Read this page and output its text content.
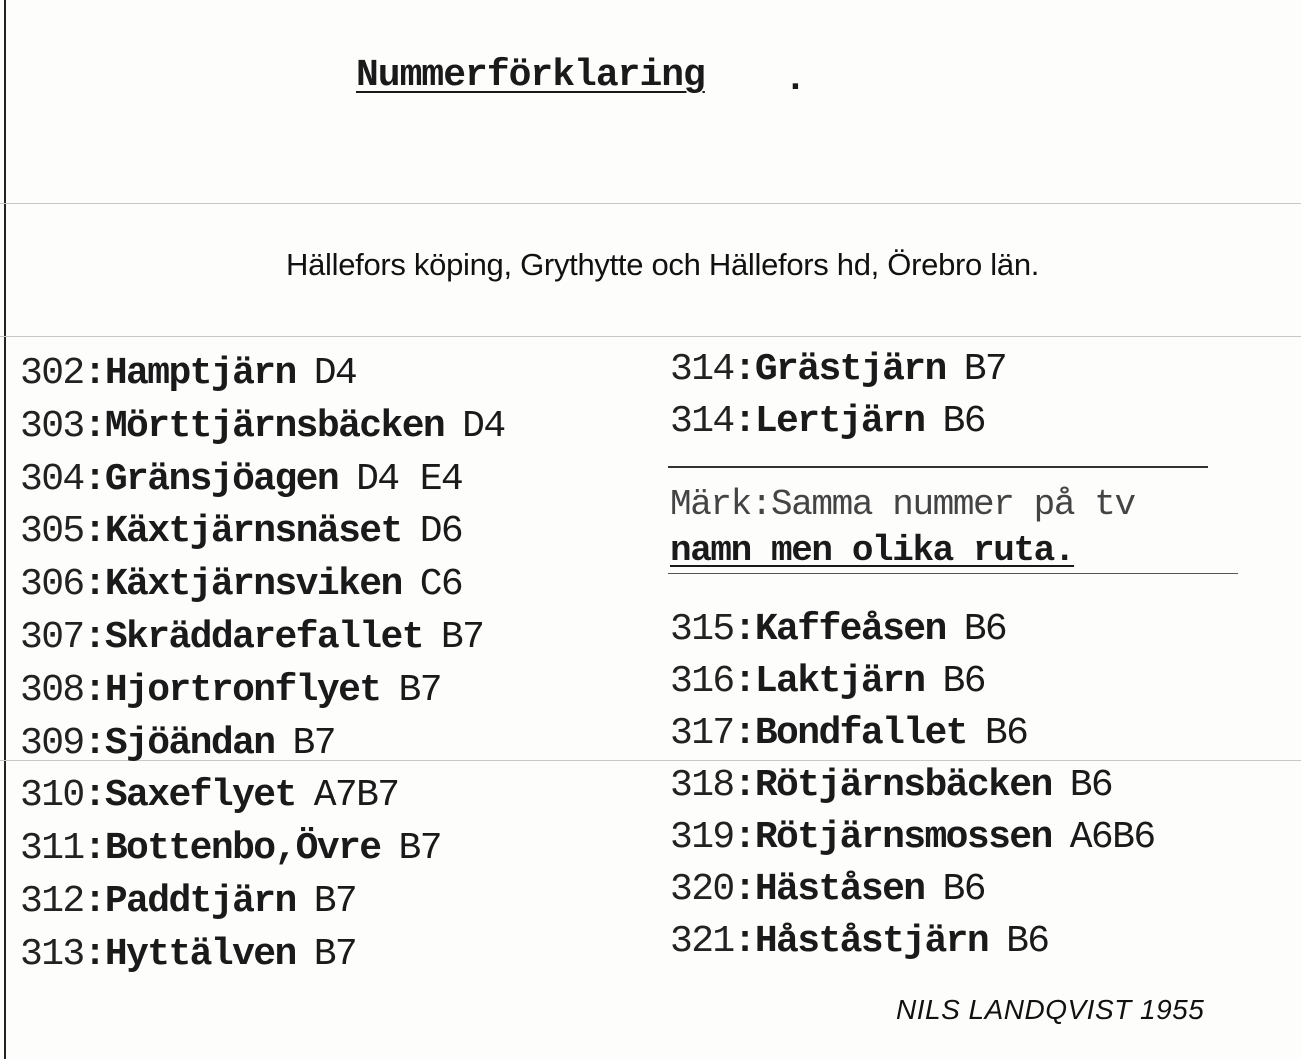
Nummerförklaring .
Hällefors köping, Grythytte och Hällefors hd, Örebro län.
302:Hamptjärn D4
303:Mörttjärnsbäcken D4
304:Gränsjöagen D4 E4
305:Käxtjärnsnäset D6
306:Käxtjärnsviken C6
307:Skräddarefallet B7
308:Hjortronflyet B7
309:Sjöändan B7
310:Saxeflyet A7B7
311:Bottenbo,Övre B7
312:Paddtjärn B7
313:Hyttälven B7
314:Grästjärn B7
314:Lertjärn B6

Märk:Samma nummer på tv

namn men olika ruta.

315:Kaffeåsen B6
316:Laktjärn B6
317:Bondfallet B6
318:Rötjärnsbäcken B6
319:Rötjärnsmossen A6B6
320:Häståsen B6
321:Håståstjärn B6
NILS LANDQVIST 1955
